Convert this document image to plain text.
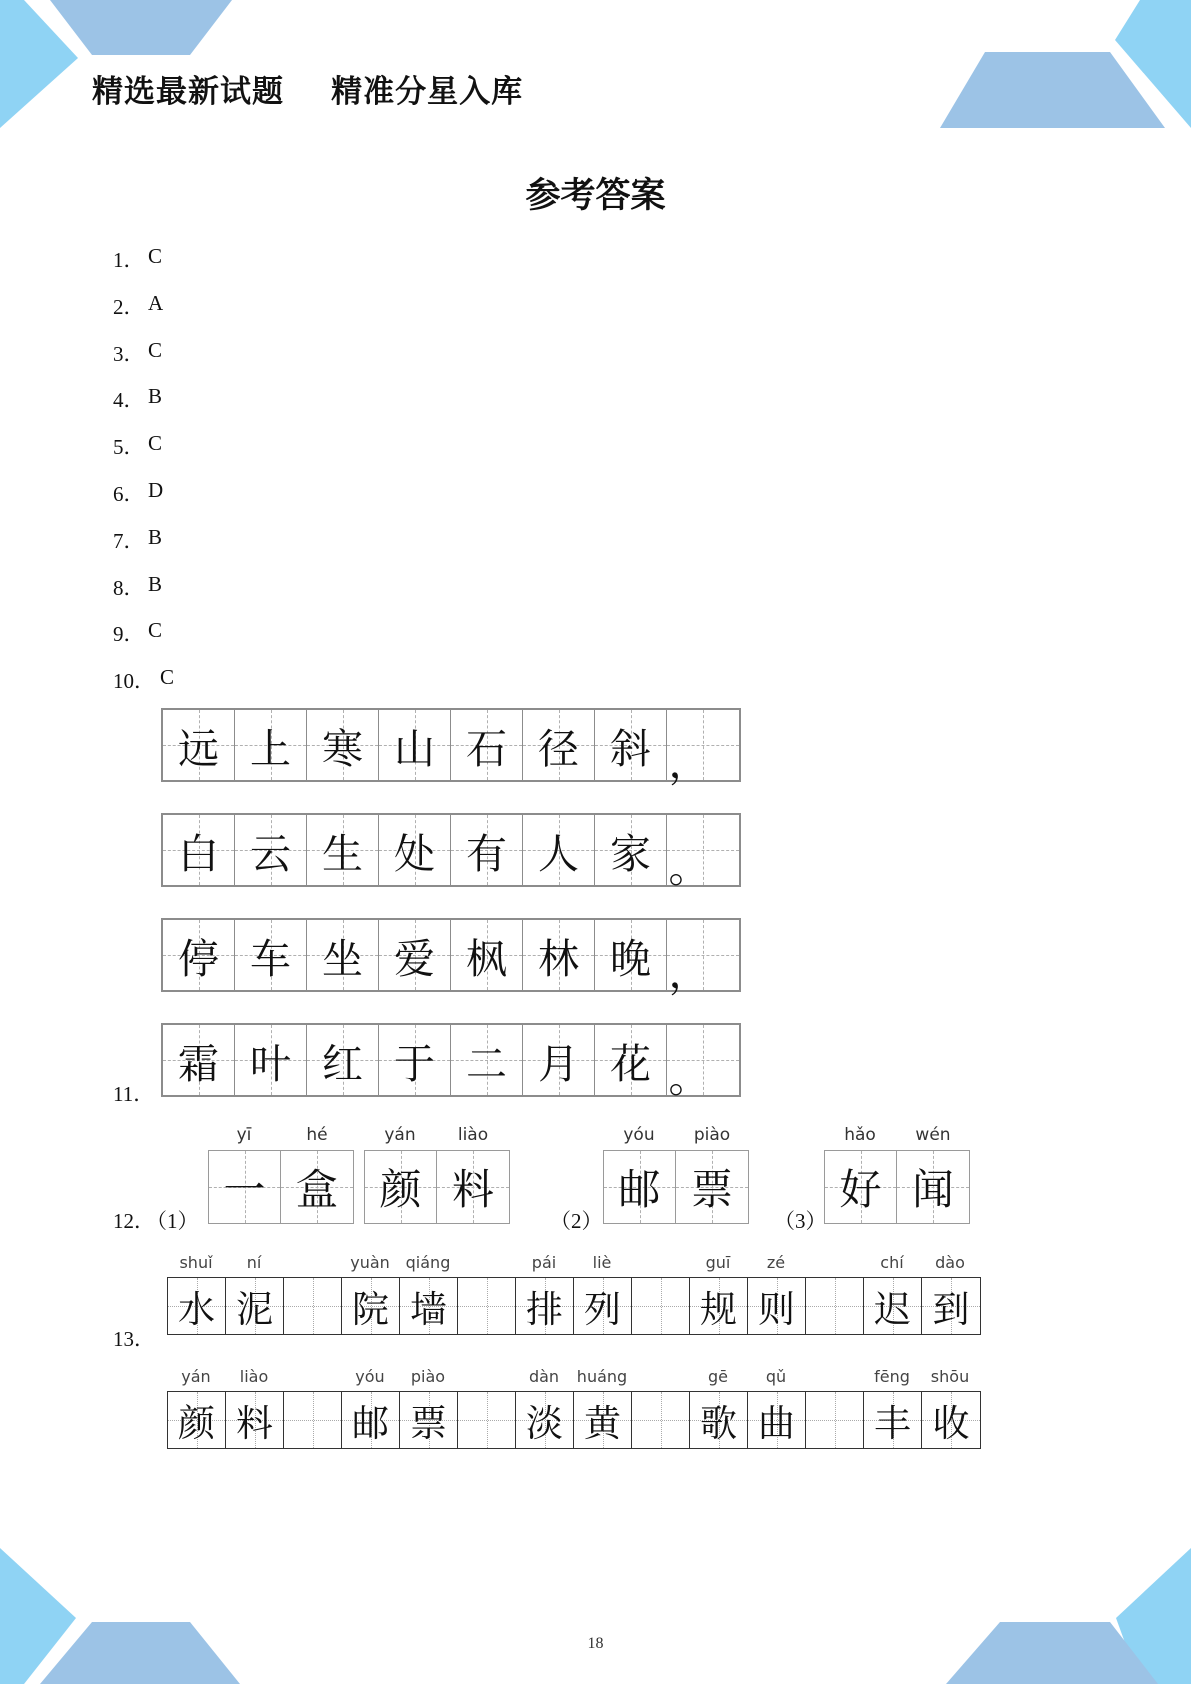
精选最新试题    精准分星入库
参考答案
1． C
2． A
3． C
4． B
5． C
6． D
7． B
8． B
9． C
10． C
远 上 寒 山 石 径 斜 ，
白 云 生 处 有 人 家 。
停 车 坐 爱 枫 林 晚 ，
霜 叶 红 于 二 月 花 。
11．
12．
（1）
yī	hé
一 盒
yán	liào
颜 料
（2）
yóu	piào
邮 票
（3）
hǎo	wén
好 闻
13．
shuǐ	ní	yuàn qiáng	pái	liè	guī	zé	chí	dào
水 泥 院 墙 排 列 规 则 迟 到
yán	liào	yóu	piào	dàn	huáng	gē	qǔ	fēng	shōu
颜 料 邮 票 淡 黄 歌 曲 丰 收
18
